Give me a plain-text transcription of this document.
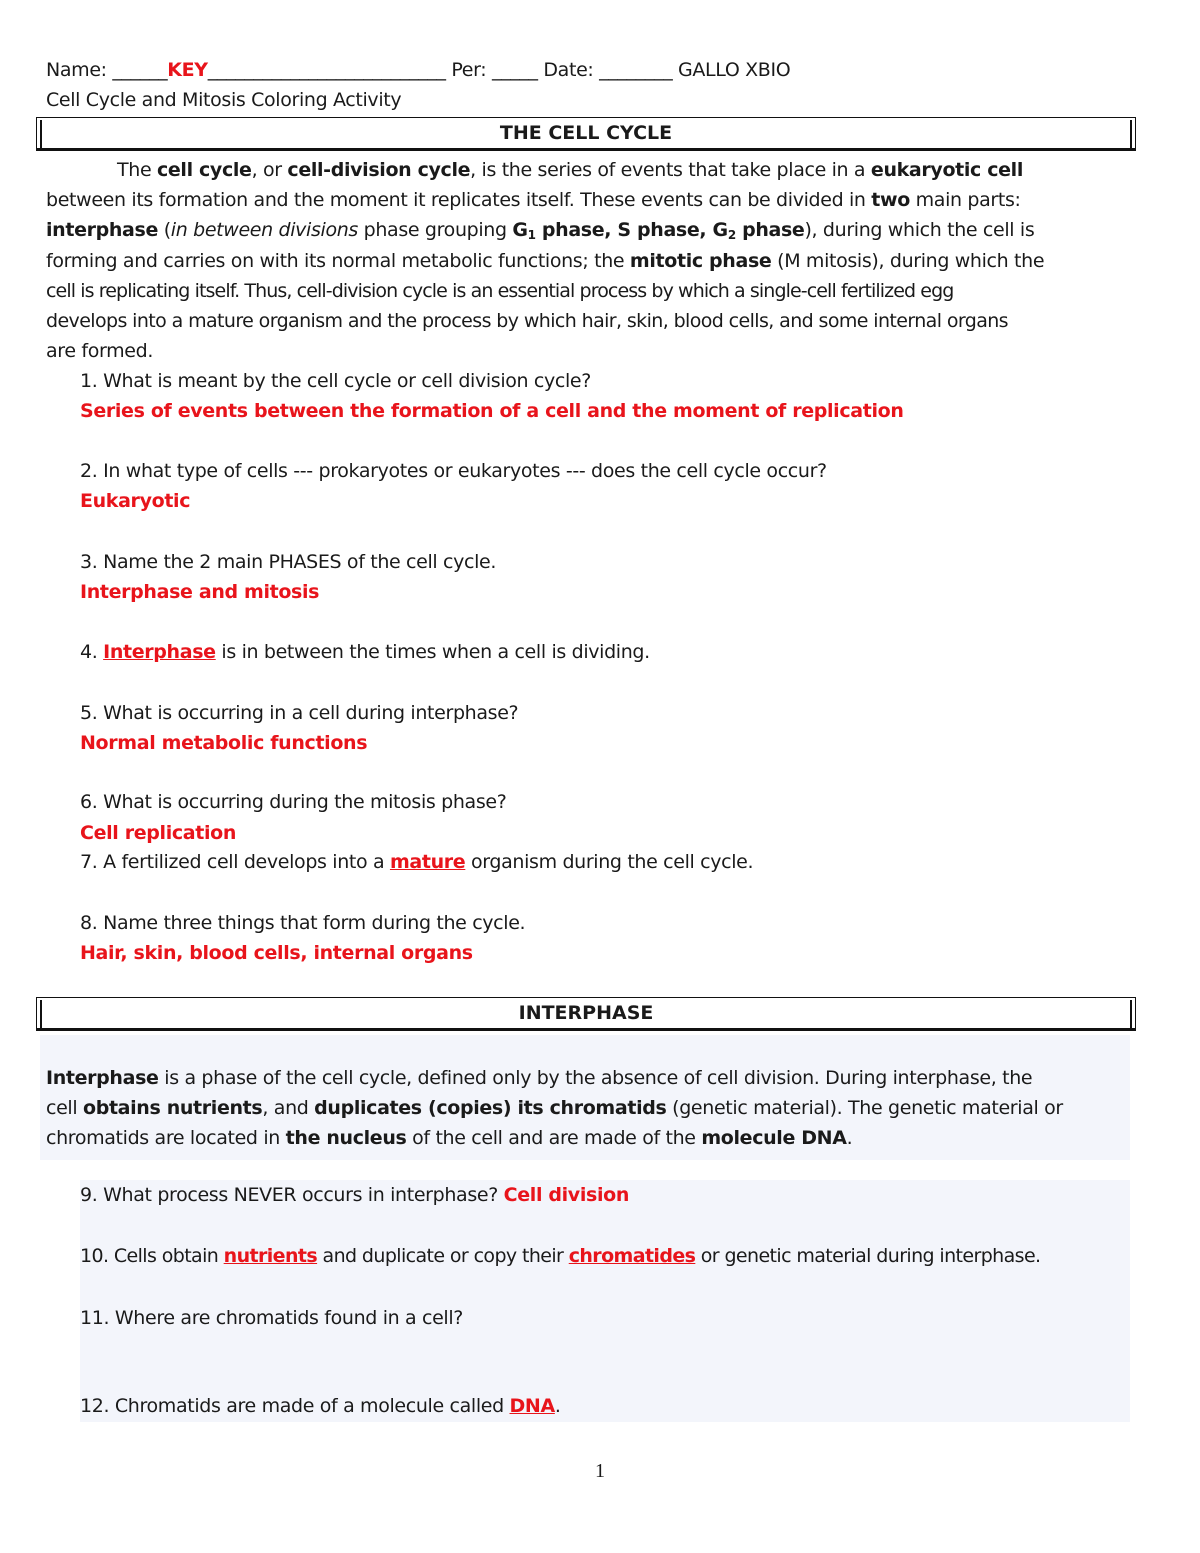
Name: ______KEY__________________________ Per: _____ Date: ________ GALLO XBIO
Cell Cycle and Mitosis Coloring Activity
THE CELL CYCLE
The cell cycle, or cell-division cycle, is the series of events that take place in a eukaryotic cell
between its formation and the moment it replicates itself. These events can be divided in two main parts:
interphase (in between divisions phase grouping $G_1$ phase, S phase, $G_2$ phase), during which the cell is
forming and carries on with its normal metabolic functions; the mitotic phase (M mitosis), during which the
cell is replicating itself. Thus, cell-division cycle is an essential process by which a single-cell fertilized egg
develops into a mature organism and the process by which hair, skin, blood cells, and some internal organs
are formed.
1. What is meant by the cell cycle or cell division cycle?
Series of events between the formation of a cell and the moment of replication
2. In what type of cells --- prokaryotes or eukaryotes --- does the cell cycle occur?
Eukaryotic
3. Name the 2 main PHASES of the cell cycle.
Interphase and mitosis
4. Interphase is in between the times when a cell is dividing.
5. What is occurring in a cell during interphase?
Normal metabolic functions
6. What is occurring during the mitosis phase?
Cell replication
7. A fertilized cell develops into a mature organism during the cell cycle.
8. Name three things that form during the cycle.
Hair, skin, blood cells, internal organs
INTERPHASE
Interphase is a phase of the cell cycle, defined only by the absence of cell division. During interphase, the
cell obtains nutrients, and duplicates (copies) its chromatids (genetic material). The genetic material or
chromatids are located in the nucleus of the cell and are made of the molecule DNA.
9. What process NEVER occurs in interphase? Cell division
10. Cells obtain nutrients and duplicate or copy their chromatides or genetic material during interphase.
11. Where are chromatids found in a cell?
12. Chromatids are made of a molecule called DNA.
1
